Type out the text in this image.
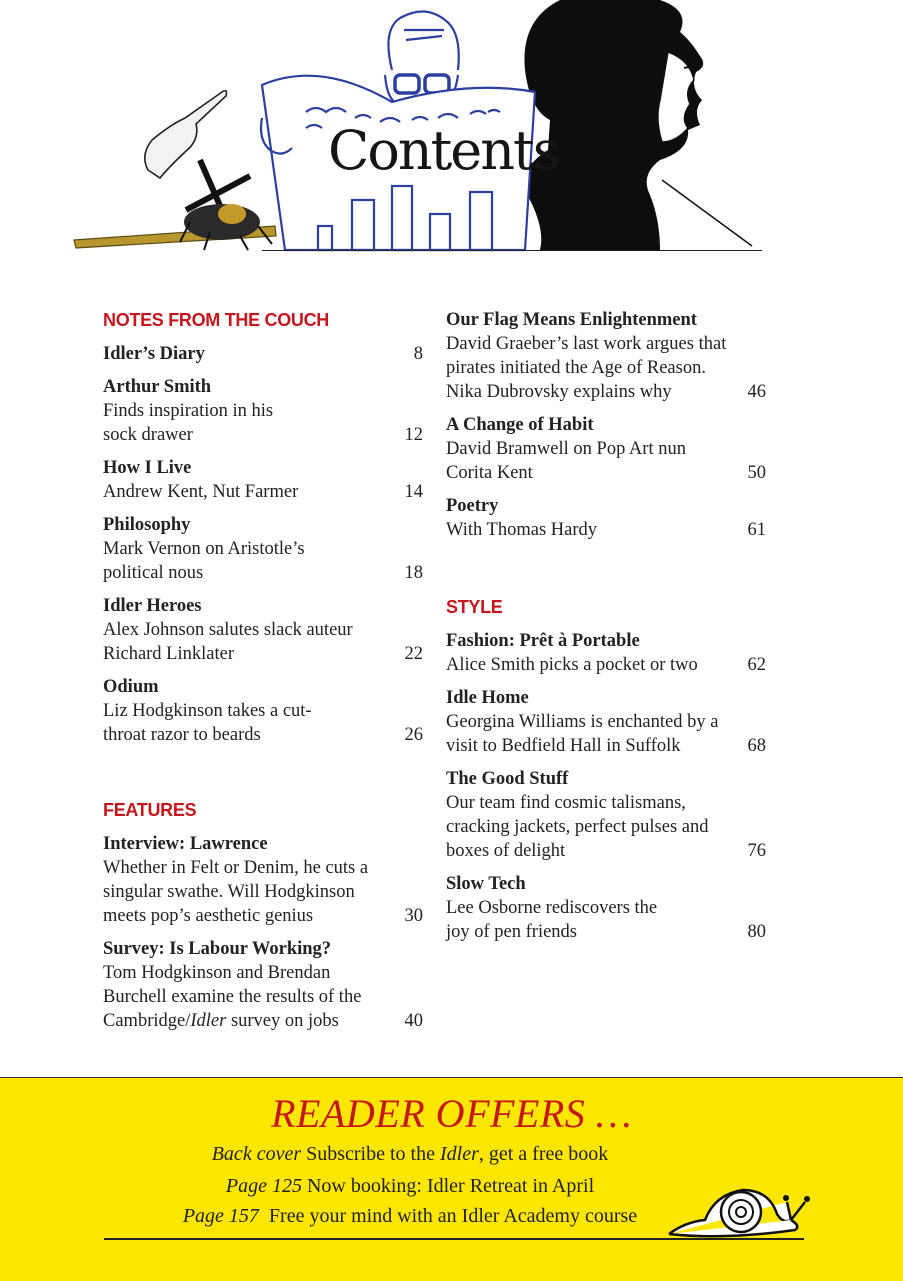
Contents
NOTES FROM THE COUCH
Idler’s Diary	8
Arthur Smith
Finds inspiration in his sock drawer	12
How I Live
Andrew Kent, Nut Farmer	14
Philosophy
Mark Vernon on Aristotle’s political nous	18
Idler Heroes
Alex Johnson salutes slack auteur Richard Linklater	22
Odium
Liz Hodgkinson takes a cut-throat razor to beards	26
FEATURES
Interview: Lawrence
Whether in Felt or Denim, he cuts a singular swathe. Will Hodgkinson meets pop’s aesthetic genius	30
Survey: Is Labour Working?
Tom Hodgkinson and Brendan Burchell examine the results of the Cambridge/Idler survey on jobs	40
Our Flag Means Enlightenment
David Graeber’s last work argues that pirates initiated the Age of Reason. Nika Dubrovsky explains why	46
A Change of Habit
David Bramwell on Pop Art nun Corita Kent	50
Poetry
With Thomas Hardy	61
STYLE
Fashion: Prêt à Portable
Alice Smith picks a pocket or two	62
Idle Home
Georgina Williams is enchanted by a visit to Bedfield Hall in Suffolk	68
The Good Stuff
Our team find cosmic talismans, cracking jackets, perfect pulses and boxes of delight	76
Slow Tech
Lee Osborne rediscovers the joy of pen friends	80
READER OFFERS …
Back cover Subscribe to the Idler, get a free book
Page 125 Now booking: Idler Retreat in April
Page 157  Free your mind with an Idler Academy course
